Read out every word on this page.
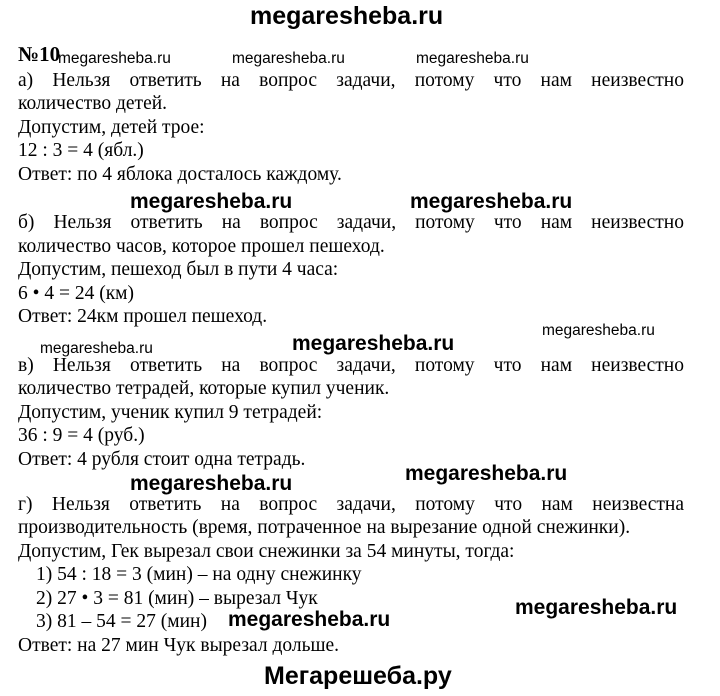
megaresheba.ru
№10
megaresheba.ru	megaresheba.ru	megaresheba.ru
а) Нельзя ответить на вопрос задачи, потому что нам неизвестно
количество детей.
Допустим, детей трое:
12 : 3 = 4 (ябл.)
Ответ: по 4 яблока досталось каждому.
megaresheba.ru	megaresheba.ru
б) Нельзя ответить на вопрос задачи, потому что нам неизвестно
количество часов, которое прошел пешеход.
Допустим, пешеход был в пути 4 часа:
6 • 4 = 24 (км)
Ответ: 24км прошел пешеход.
megaresheba.ru
megaresheba.ru
megaresheba.ru
в) Нельзя ответить на вопрос задачи, потому что нам неизвестно
количество тетрадей, которые купил ученик.
Допустим, ученик купил 9 тетрадей:
36 : 9 = 4 (руб.)
Ответ: 4 рубля стоит одна тетрадь.
megaresheba.ru	megaresheba.ru
г) Нельзя ответить на вопрос задачи, потому что нам неизвестна
производительность (время, потраченное на вырезание одной снежинки).
Допустим, Гек вырезал свои снежинки за 54 минуты, тогда:
1) 54 : 18 = 3 (мин) – на одну снежинку
2) 27 • 3 = 81 (мин) – вырезал Чук
3) 81 – 54 = 27 (мин)
Ответ: на 27 мин Чук вырезал дольше.
megaresheba.ru
megaresheba.ru
Мегарешеба.ру
